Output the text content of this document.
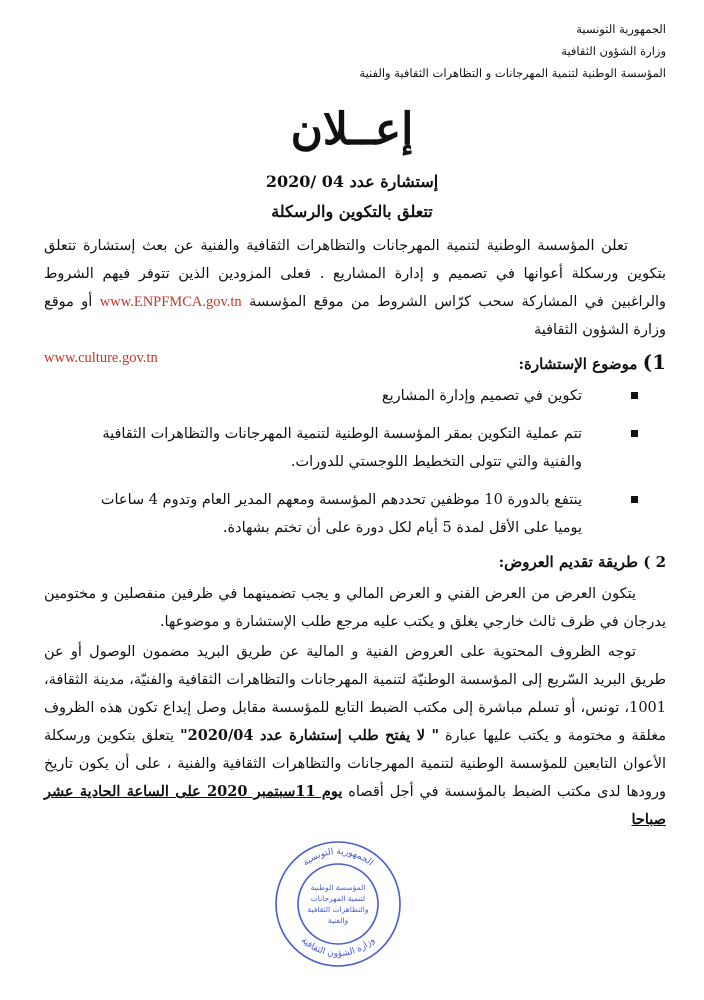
الجمهورية التونسية
وزارة الشؤون الثقافية
المؤسسة الوطنية لتنمية المهرجانات و التظاهرات الثقافية والفنية
إعــلان
إستشارة عدد 04 /2020
تتعلق بالتكوين والرسكلة

تعلن المؤسسة الوطنية لتنمية المهرجانات والتظاهرات الثقافية والفنية عن بعث إستشارة تتعلق بتكوين ورسكلة أعوانها في تصميم و إدارة المشاريع . فعلى المزودين الذين تتوفر فيهم الشروط والراغبين في المشاركة سحب كرّاس الشروط من موقع المؤسسة www.ENPFMCA.gov.tn أو موقع وزارة الشؤون الثقافية

www.culture.gov.tn	1) موضوع الإستشارة:
تكوين في تصميم وإدارة المشاريع
تتم عملية التكوين بمقر المؤسسة الوطنية لتنمية المهرجانات والتظاهرات الثقافية والفنية والتي تتولى التخطيط اللوجستي للدورات.
ينتفع بالدورة 10 موظفين تحددهم المؤسسة ومعهم المدير العام وتدوم 4 ساعات يوميا على الأقل لمدة 5 أيام لكل دورة على أن تختم بشهادة.
2 ) طريقة تقديم العروض:

يتكون العرض من العرض الفني و العرض المالي و يجب تضمينهما في ظرفين منفصلين و مختومين يدرجان في ظرف ثالث خارجي يغلق و يكتب عليه مرجع طلب الإستشارة و موضوعها.

توجه الظروف المحتوية على العروض الفنية و المالية عن طريق البريد مضمون الوصول أو عن طريق البريد السّريع إلى المؤسسة الوطنيّة لتنمية المهرجانات والتظاهرات الثقافية والفنيّة، مدينة الثقافة، 1001، تونس، أو تسلم مباشرة إلى مكتب الضبط التابع للمؤسسة مقابل وصل إيداع تكون هذه الظروف مغلقة و مختومة و يكتب عليها عبارة " لا يفتح طلب إستشارة عدد 2020/04" يتعلق بتكوين ورسكلة الأعوان التابعين للمؤسسة الوطنية لتنمية المهرجانات والتظاهرات الثقافية والفنية ، على أن يكون تاريخ ورودها لدى مكتب الضبط بالمؤسسة في أجل أقصاه يوم 11سبتمبر 2020 على الساعة الحادية عشر صباحا

الجمهورية التونسية
وزارة الشؤون الثقافية
المؤسسة الوطنية
لتنمية المهرجانات
والتظاهرات الثقافية
والفنية
